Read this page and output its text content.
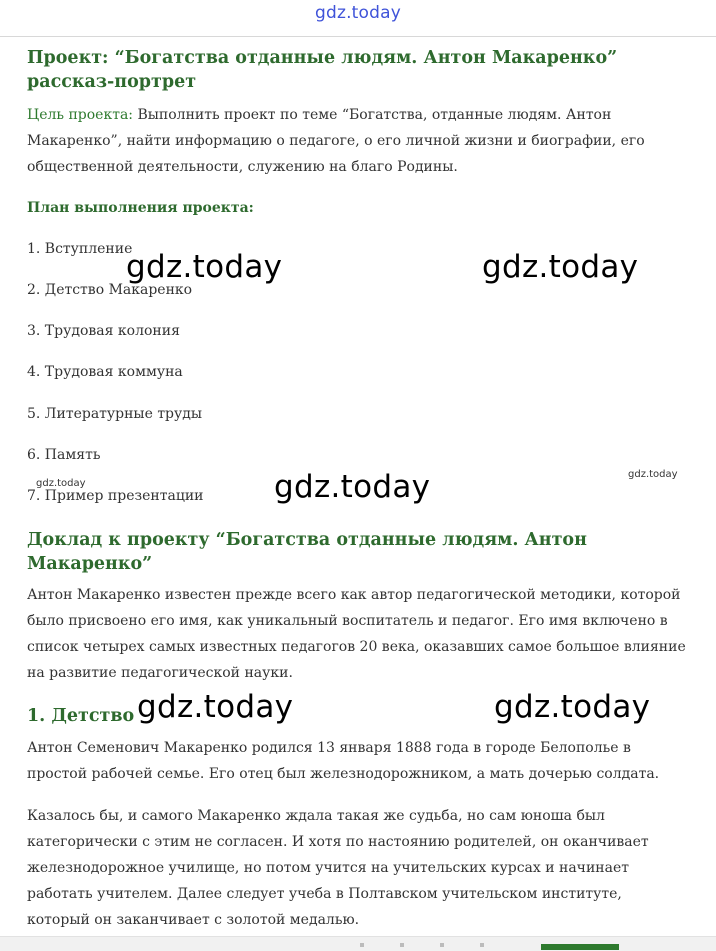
gdz.today
Проект: “Богатства отданные людям. Антон Макаренко” рассказ-портрет

Цель проекта: Выполнить проект по теме “Богатства, отданные людям. Антон Макаренко”, найти информацию о педагоге, о его личной жизни и биографии, его общественной деятельности, служению на благо Родины.

План выполнения проекта:

1. Вступление

2. Детство Макаренко

3. Трудовая колония

4. Трудовая коммуна

5. Литературные труды

6. Память

7. Пример презентации

Доклад к проекту “Богатства отданные людям. Антон Макаренко”

Антон Макаренко известен прежде всего как автор педагогической методики, которой было присвоено его имя, как уникальный воспитатель и педагог. Его имя включено в список четырех самых известных педагогов 20 века, оказавших самое большое влияние на развитие педагогической науки.

1. Детство

Антон Семенович Макаренко родился 13 января 1888 года в городе Белополье в простой рабочей семье. Его отец был железнодорожником, а мать дочерью солдата.

Казалось бы, и самого Макаренко ждала такая же судьба, но сам юноша был категорически с этим не согласен. И хотя по настоянию родителей, он оканчивает железнодорожное училище, но потом учится на учительских курсах и начинает работать учителем. Далее следует учеба в Полтавском учительском институте, который он заканчивает с золотой медалью.

gdz.today	gdz.today
gdz.today
gdz.today	gdz.today
gdz.today
gdz.today
